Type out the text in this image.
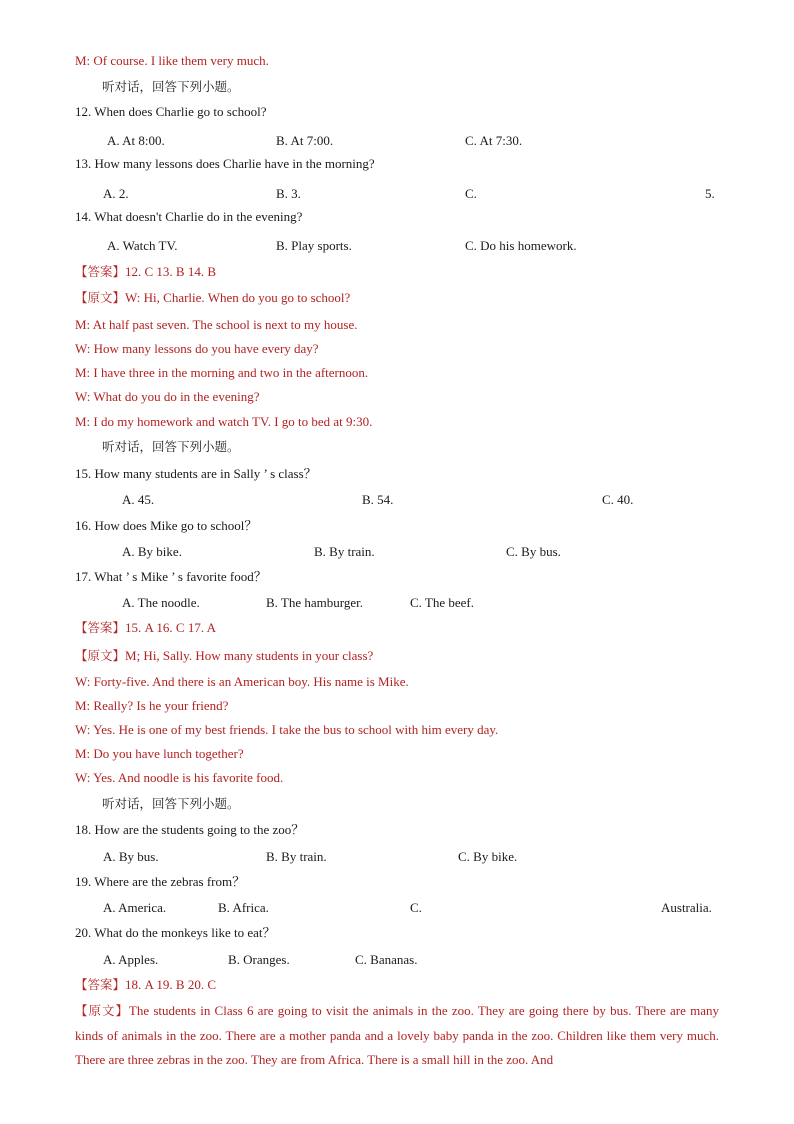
M: Of course. I like them very much.
听对话，回答下列小题。
12. When does Charlie go to school?
A. At 8:00.	B. At 7:00.	C. At 7:30.
13. How many lessons does Charlie have in the morning?
A. 2.	B. 3.	C.	5.
14. What doesn't Charlie do in the evening?
A. Watch TV.	B. Play sports.	C. Do his homework.
【答案】12. C 13. B 14. B
【原文】W: Hi, Charlie. When do you go to school?
M: At half past seven. The school is next to my house.
W: How many lessons do you have every day?
M: I have three in the morning and two in the afternoon.
W: What do you do in the evening?
M: I do my homework and watch TV. I go to bed at 9:30.
听对话，回答下列小题。
15. How many students are in Sally ’ s class？
A. 45.	B. 54.	C. 40.
16. How does Mike go to school？
A. By bike.	B. By train.	C. By bus.
17. What ’ s Mike ’ s favorite food？
A. The noodle.	B. The hamburger.	C. The beef.
【答案】15. A 16. C 17. A
【原文】M; Hi, Sally. How many students in your class?
W: Forty-five. And there is an American boy. His name is Mike.
M: Really? Is he your friend?
W: Yes. He is one of my best friends. I take the bus to school with him every day.
M: Do you have lunch together?
W: Yes. And noodle is his favorite food.
听对话，回答下列小题。
18. How are the students going to the zoo？
A. By bus.	B. By train.	C. By bike.
19. Where are the zebras from？
A. America.	B. Africa.	C.	Australia.
20. What do the monkeys like to eat？
A. Apples.	B. Oranges.	C. Bananas.
【答案】18. A 19. B 20. C
【原文】The students in Class 6 are going to visit the animals in the zoo. They are going there by bus. There are many kinds of animals in the zoo. There are a mother panda and a lovely baby panda in the zoo. Children like them very much. There are three zebras in the zoo. They are from Africa. There is a small hill in the zoo. And
